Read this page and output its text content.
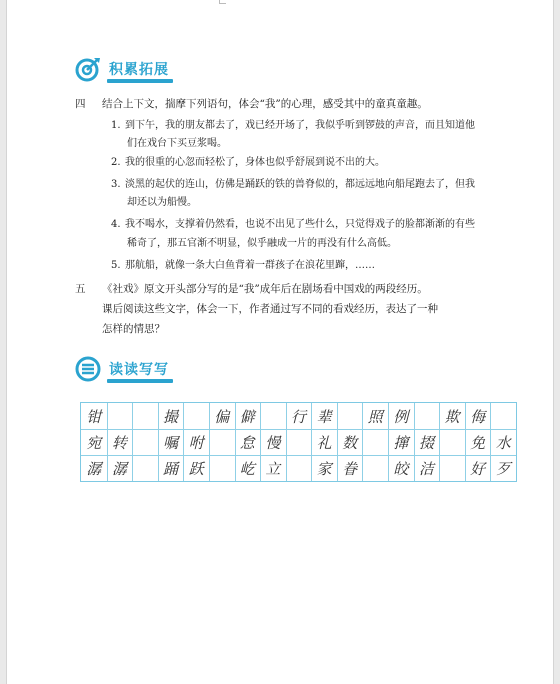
积累拓展
四 结合上下文，揣摩下列语句，体会“我”的心理，感受其中的童真童趣。
1. 到下午，我的朋友都去了，戏已经开场了，我似乎听到锣鼓的声音，而且知道他
们在戏台下买豆浆喝。
2. 我的很重的心忽而轻松了，身体也似乎舒展到说不出的大。
3. 淡黑的起伏的连山，仿佛是踊跃的铁的兽脊似的，都远远地向船尾跑去了，但我
却还以为船慢。
4. 我不喝水，支撑着仍然看，也说不出见了些什么，只觉得戏子的脸都渐渐的有些
稀奇了，那五官渐不明显，似乎融成一片的再没有什么高低。
5. 那航船，就像一条大白鱼背着一群孩子在浪花里蹿，……
五 《社戏》原文开头部分写的是“我”成年后在剧场看中国戏的两段经历。
课后阅读这些文字，体会一下，作者通过写不同的看戏经历，表达了一种
怎样的情思？
读读写写
钳	撮	偏 僻	行 辈	照 例	欺 侮
宛 转	嘱 咐	怠 慢	礼 数	撺 掇	免 水
潺 潺	踊 跃	屹 立	家 眷	皎 洁	好 歹
